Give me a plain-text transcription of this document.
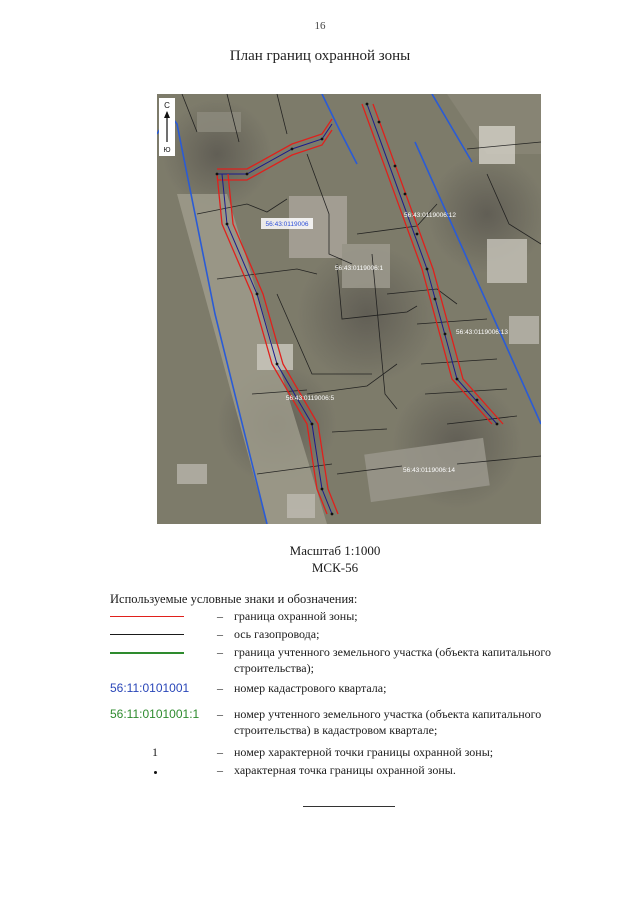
16
План границ охранной зоны
С
Ю
56:43:0119006
56:43:0119006:1
56:43:0119006:12
56:43:0119006:13
56:43:0119006:5
56:43:0119006:14
Масштаб 1:1000
МСК-56
Используемые условные знаки и обозначения:
– граница охранной зоны;
– ось газопровода;
– граница учтенного земельного участка (объекта капитального строительства);
56:11:0101001 – номер кадастрового квартала;
56:11:0101001:1 – номер учтенного земельного участка (объекта капитального строительства) в кадастровом квартале;
1	– номер характерной точки границы охранной зоны;
– характерная точка границы охранной зоны.
